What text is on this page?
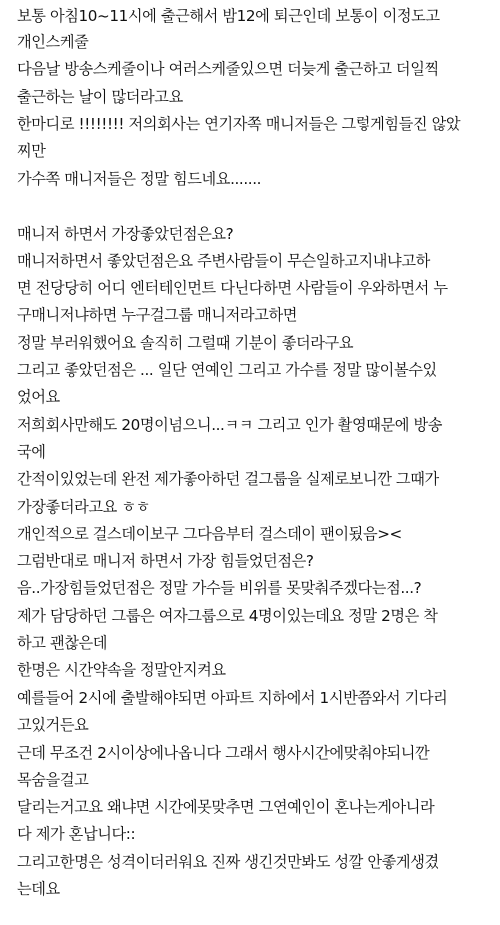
보통 아침10~11시에 출근해서 밤12에 퇴근인데 보통이 이정도고
개인스케줄
다음날 방송스케줄이나 여러스케줄있으면 더늦게 출근하고 더일찍
출근하는 날이 많더라고요
한마디로 !!!!!!!! 저의회사는 연기자쪽 매니저들은 그렇게힘들진 않았
찌만
가수쪽 매니저들은 정말 힘드네요.......
매니저 하면서 가장좋았던점은요?
매니저하면서 좋았던점은요 주변사람들이 무슨일하고지내냐고하
면 전당당히 어디 엔터테인먼트 다닌다하면 사람들이 우와하면서 누
구매니저냐하면 누구걸그룹 매니저라고하면
정말 부러워했어요 솔직히 그럴때 기분이 좋더라구요
그리고 좋았던점은 ... 일단 연예인 그리고 가수를 정말 많이볼수있
었어요
저희회사만해도 20명이넘으니...ㅋㅋ 그리고 인가 촬영때문에 방송
국에
간적이있었는데 완전 제가좋아하던 걸그룹을 실제로보니깐 그때가
가장좋더라고요 ㅎㅎ
개인적으로 걸스데이보구 그다음부터 걸스데이 팬이됬음><
그럼반대로 매니저 하면서 가장 힘들었던점은?
음..가장힘들었던점은 정말 가수들 비위를 못맞춰주겠다는점...?
제가 담당하던 그룹은 여자그룹으로 4명이있는데요 정말 2명은 착
하고 괜찮은데
한명은 시간약속을 정말안지켜요
예를들어 2시에 출발해야되면 아파트 지하에서 1시반쯤와서 기다리
고있거든요
근데 무조건 2시이상에나옵니다 그래서 행사시간에맞춰야되니깐
목숨을걸고
달리는거고요 왜냐면 시간에못맞추면 그연예인이 혼나는게아니라
다 제가 혼납니다::
그리고한명은 성격이더러워요 진짜 생긴것만봐도 성깔 안좋게생겼
는데요
